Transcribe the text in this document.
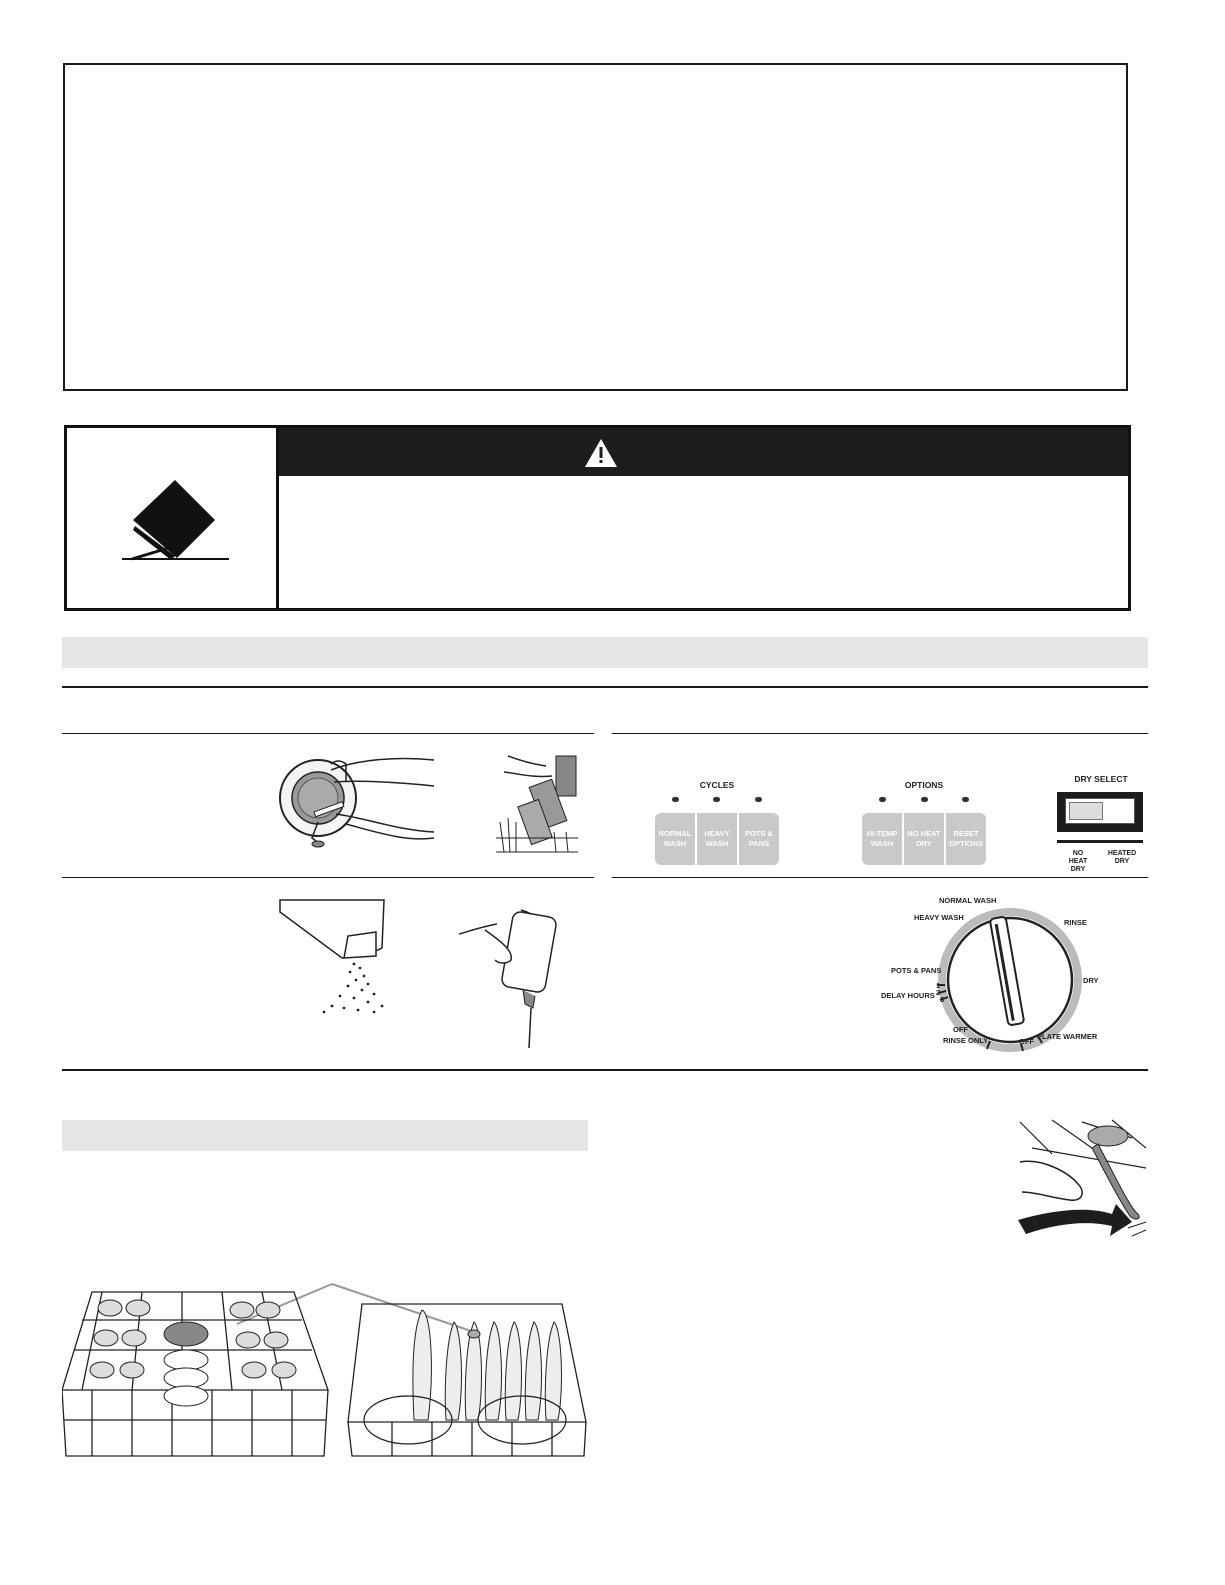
CYCLES	OPTIONS
NORMAL
WASH
HEAVY
WASH
POTS &
PANS
HI-TEMP
WASH
NO HEAT
DRY
RESET
OPTIONS
DRY SELECT
NO
HEAT
DRY
HEATED
DRY
NORMAL WASH
HEAVY WASH
RINSE
POTS & PANS
1
2
3
DELAY HOURS
DRY
OFF
RINSE ONLY	OFF
PLATE WARMER
